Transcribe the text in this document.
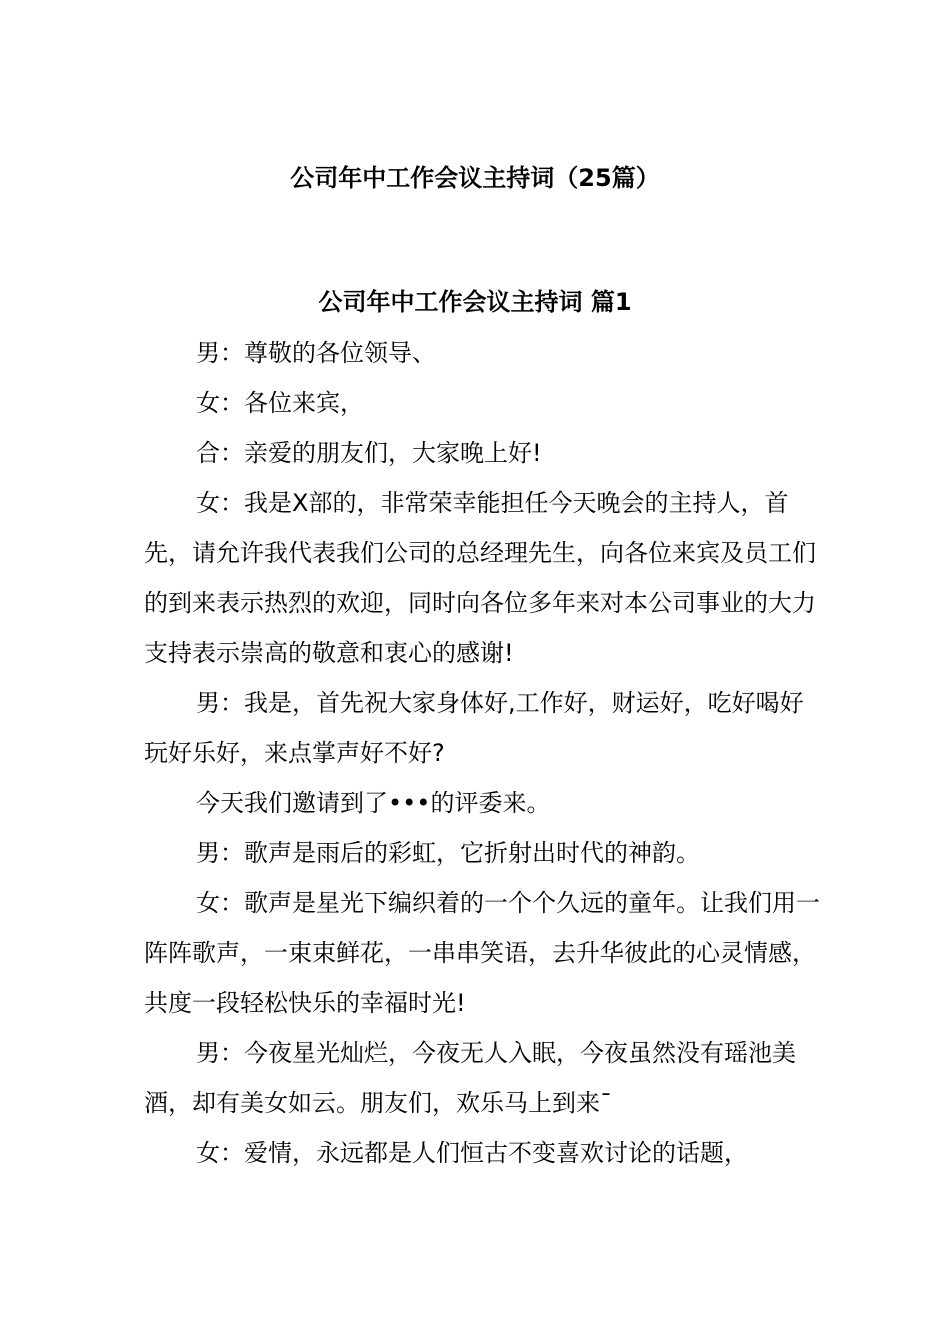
公司年中工作会议主持词（25篇）
公司年中工作会议主持词 篇1

男：尊敬的各位领导、

女：各位来宾，

合：亲爱的朋友们，大家晚上好!

女：我是X部的，非常荣幸能担任今天晚会的主持人，首先，请允许我代表我们公司的总经理先生，向各位来宾及员工们的到来表示热烈的欢迎，同时向各位多年来对本公司事业的大力支持表示崇高的敬意和衷心的感谢!

男：我是，首先祝大家身体好,工作好，财运好，吃好喝好玩好乐好，来点掌声好不好?

今天我们邀请到了•••的评委来。

男：歌声是雨后的彩虹，它折射出时代的神韵。

女：歌声是星光下编织着的一个个久远的童年。让我们用一阵阵歌声，一束束鲜花，一串串笑语，去升华彼此的心灵情感，共度一段轻松快乐的幸福时光!

男：今夜星光灿烂，今夜无人入眠，今夜虽然没有瑶池美酒，却有美女如云。朋友们，欢乐马上到来¯

女：爱情，永远都是人们恒古不变喜欢讨论的话题，
